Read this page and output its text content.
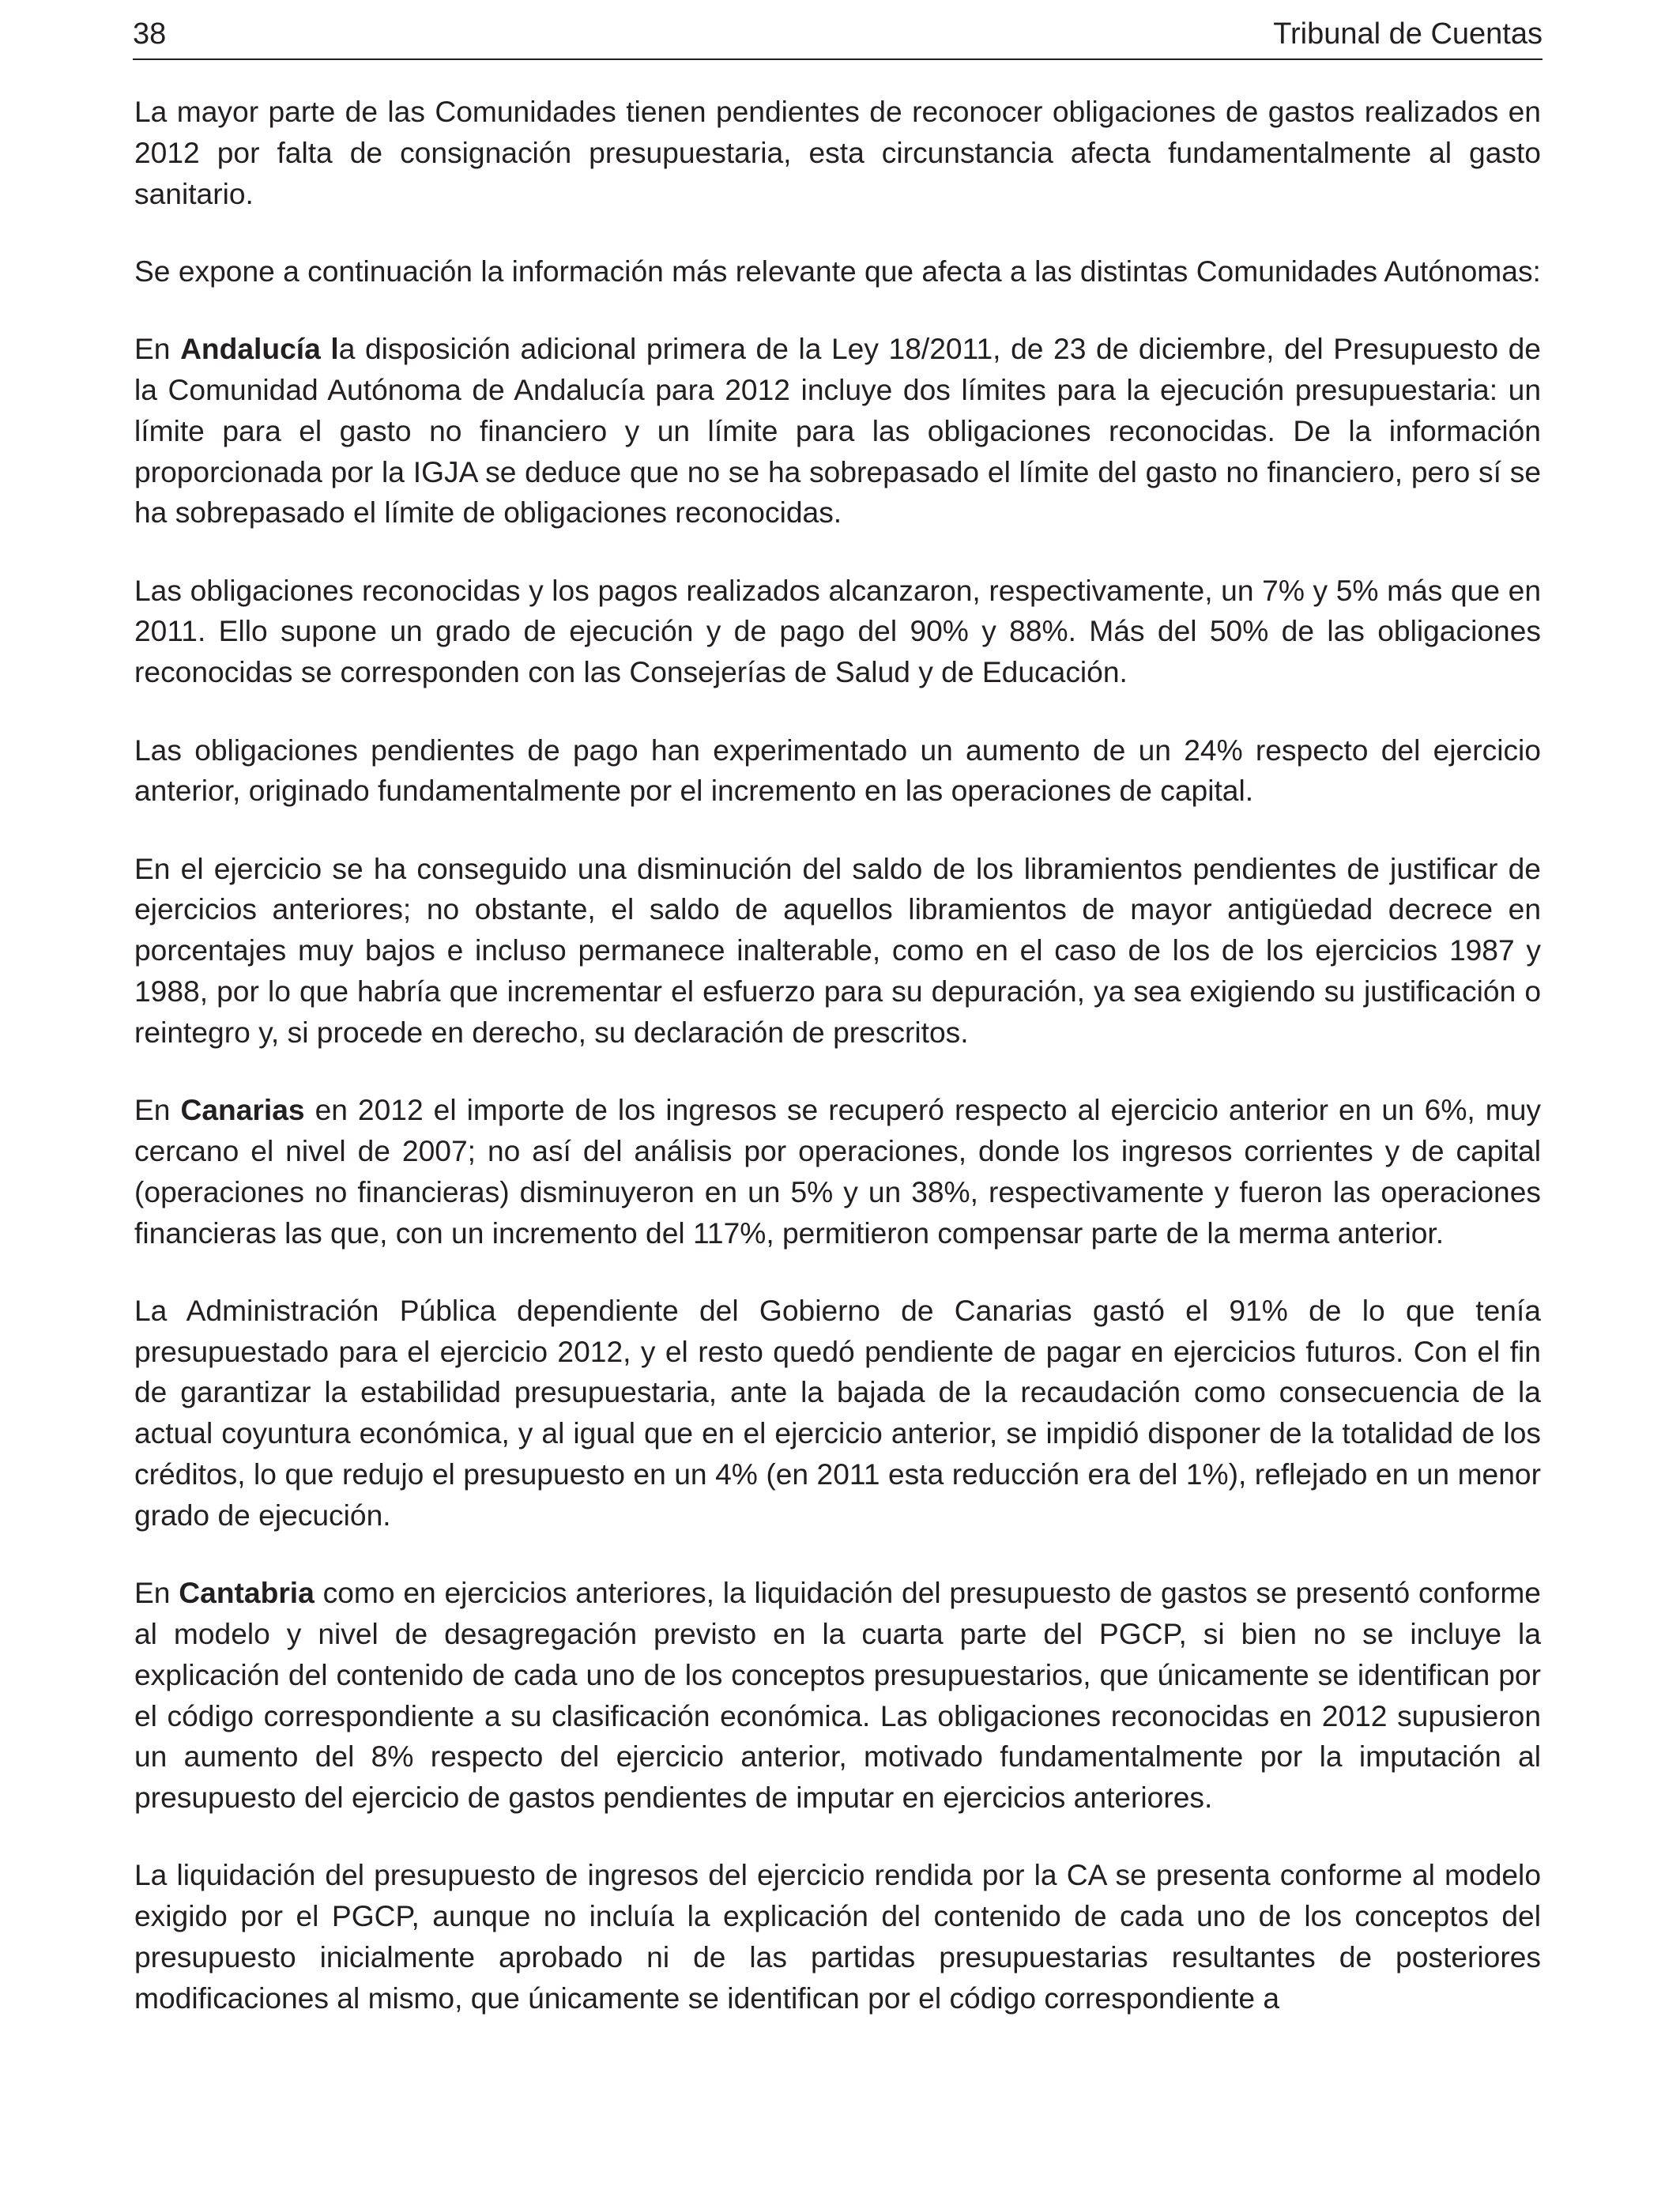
38	Tribunal de Cuentas

La mayor parte de las Comunidades tienen pendientes de reconocer obligaciones de gastos realizados en 2012 por falta de consignación presupuestaria, esta circunstancia afecta fundamentalmente al gasto sanitario.

Se expone a continuación la información más relevante que afecta a las distintas Comunidades Autónomas:

En Andalucía la disposición adicional primera de la Ley 18/2011, de 23 de diciembre, del Presupuesto de la Comunidad Autónoma de Andalucía para 2012 incluye dos límites para la ejecución presupuestaria: un límite para el gasto no financiero y un límite para las obligaciones reconocidas. De la información proporcionada por la IGJA se deduce que no se ha sobrepasado el límite del gasto no financiero, pero sí se ha sobrepasado el límite de obligaciones reconocidas.

Las obligaciones reconocidas y los pagos realizados alcanzaron, respectivamente, un 7% y 5% más que en 2011. Ello supone un grado de ejecución y de pago del 90% y 88%. Más del 50% de las obligaciones reconocidas se corresponden con las Consejerías de Salud y de Educación.

Las obligaciones pendientes de pago han experimentado un aumento de un 24% respecto del ejercicio anterior, originado fundamentalmente por el incremento en las operaciones de capital.

En el ejercicio se ha conseguido una disminución del saldo de los libramientos pendientes de justificar de ejercicios anteriores; no obstante, el saldo de aquellos libramientos de mayor antigüedad decrece en porcentajes muy bajos e incluso permanece inalterable, como en el caso de los de los ejercicios 1987 y 1988, por lo que habría que incrementar el esfuerzo para su depuración, ya sea exigiendo su justificación o reintegro y, si procede en derecho, su declaración de prescritos.

En Canarias en 2012 el importe de los ingresos se recuperó respecto al ejercicio anterior en un 6%, muy cercano el nivel de 2007; no así del análisis por operaciones, donde los ingresos corrientes y de capital (operaciones no financieras) disminuyeron en un 5% y un 38%, respectivamente y fueron las operaciones financieras las que, con un incremento del 117%, permitieron compensar parte de la merma anterior.

La Administración Pública dependiente del Gobierno de Canarias gastó el 91% de lo que tenía presupuestado para el ejercicio 2012, y el resto quedó pendiente de pagar en ejercicios futuros. Con el fin de garantizar la estabilidad presupuestaria, ante la bajada de la recaudación como consecuencia de la actual coyuntura económica, y al igual que en el ejercicio anterior, se impidió disponer de la totalidad de los créditos, lo que redujo el presupuesto en un 4% (en 2011 esta reducción era del 1%), reflejado en un menor grado de ejecución.

En Cantabria como en ejercicios anteriores, la liquidación del presupuesto de gastos se presentó conforme al modelo y nivel de desagregación previsto en la cuarta parte del PGCP, si bien no se incluye la explicación del contenido de cada uno de los conceptos presupuestarios, que únicamente se identifican por el código correspondiente a su clasificación económica. Las obligaciones reconocidas en 2012 supusieron un aumento del 8% respecto del ejercicio anterior, motivado fundamentalmente por la imputación al presupuesto del ejercicio de gastos pendientes de imputar en ejercicios anteriores.

La liquidación del presupuesto de ingresos del ejercicio rendida por la CA se presenta conforme al modelo exigido por el PGCP, aunque no incluía la explicación del contenido de cada uno de los conceptos del presupuesto inicialmente aprobado ni de las partidas presupuestarias resultantes de posteriores modificaciones al mismo, que únicamente se identifican por el código correspondiente a
